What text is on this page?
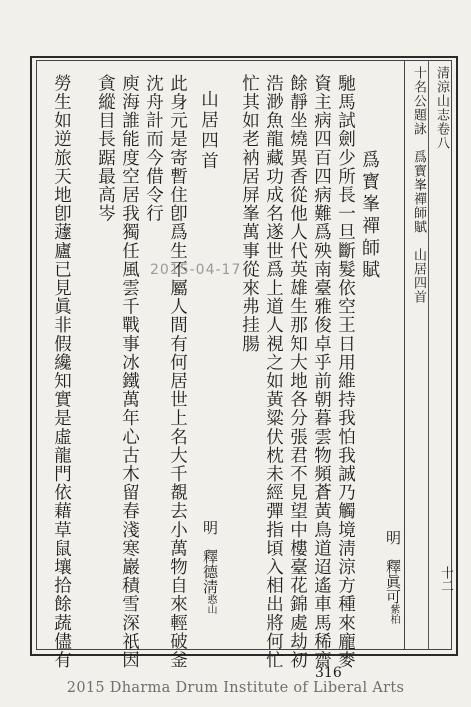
清涼山志卷八
十名公題詠　爲寳峯禪師賦　山居四首
十二
明釋眞可紫柏
爲寳峯禪師賦
馳馬試劍少所長一旦斷髮依空王日用維持我怕我誠乃觸境淸涼方種來龐麥
資主病四百四病難爲殃南臺雅俊卓乎前朝暮雲物頻蒼黃鳥道迢遙車馬稀齋
餘靜坐燒異香從他人代英雄生那知大地各分張君不見望中樓臺花錦處劫初
浩渺魚龍藏功成名遂世爲上道人視之如黃粱伏枕未經彈指頃入相出將何忙
忙其如老衲居屏峯萬事從來弗挂腸
山居四首
明釋德淸憨山
此身元是寄暫住卽爲生不屬人間有何居世上名大千覩去小萬物自來輕破釜
沈舟計而今借令行
庾海誰能度空居我獨任風雲千戰事冰鐵萬年心古木留春淺寒巖積雪深祇因
貪縱目長踞最高岑
勞生如逆旅天地卽蘧廬已見眞非假纔知實是虛龍門依藉草鼠壤拾餘蔬儘有	2015-04-17
316
2015 Dharma Drum Institute of Liberal Arts
